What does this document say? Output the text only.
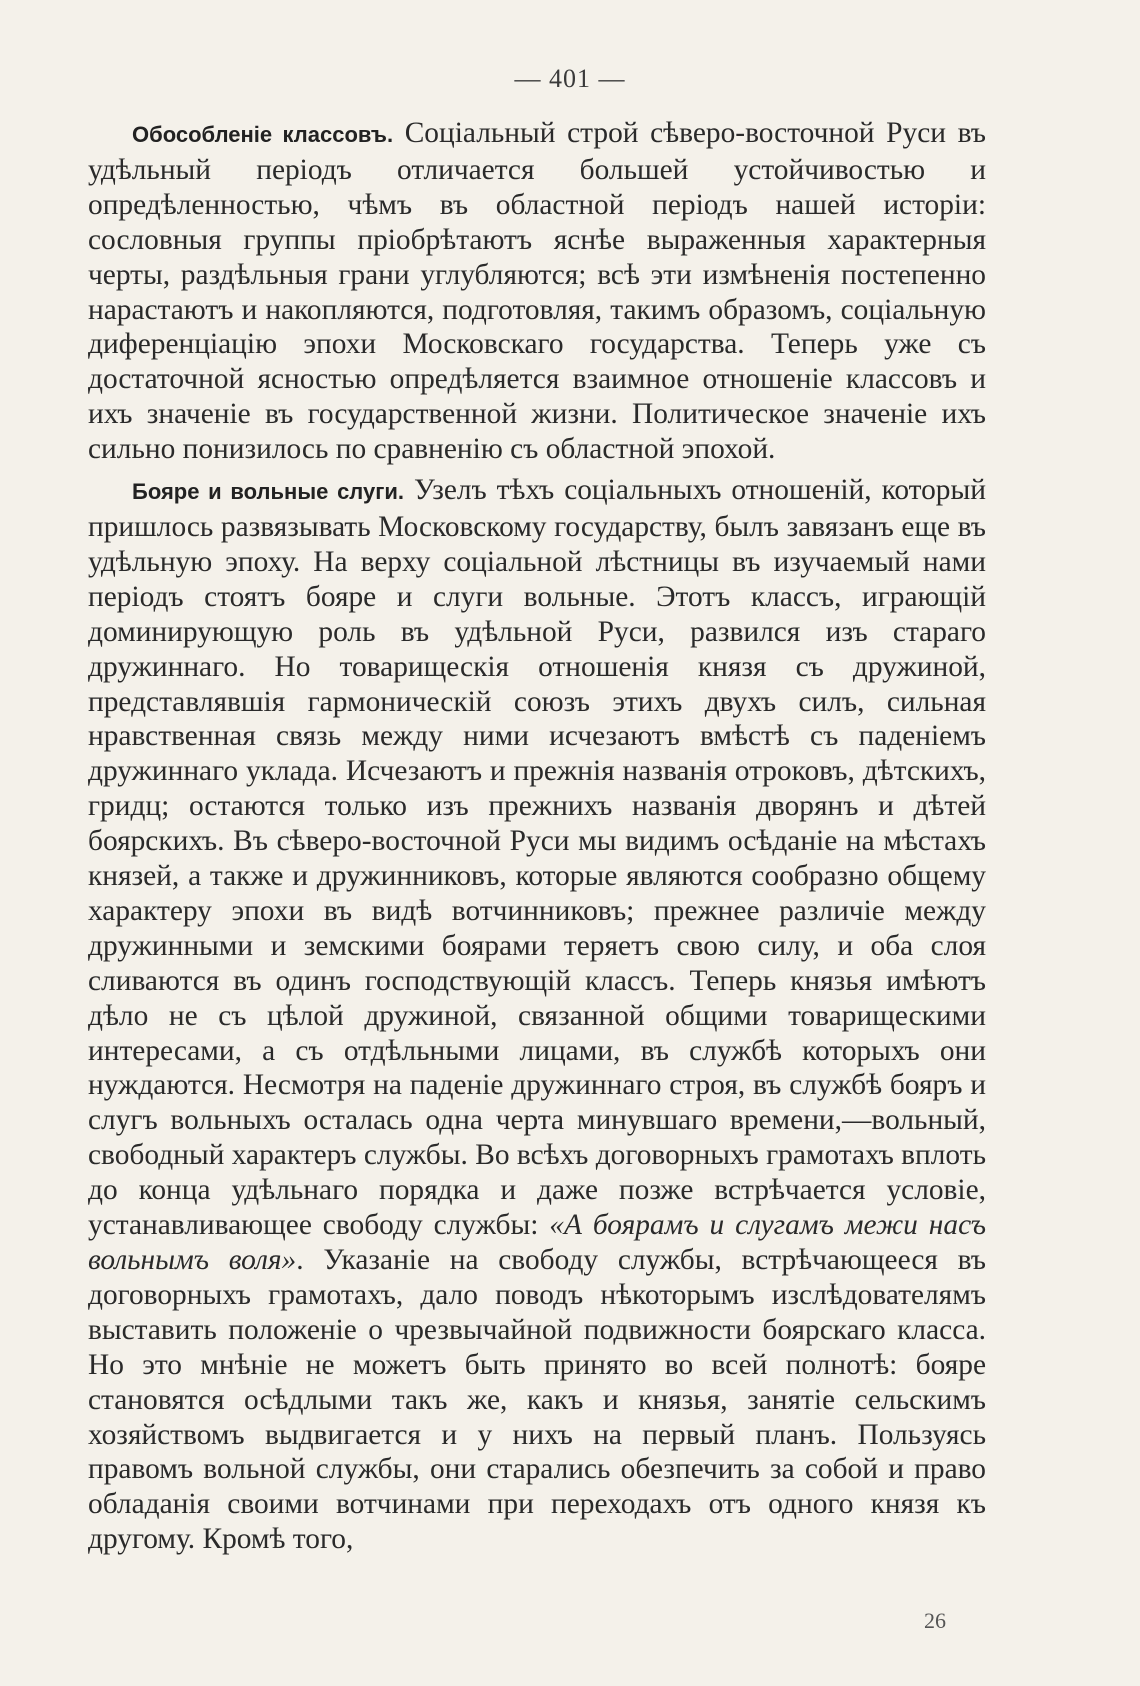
— 401 —

Обособленіе классовъ. Соціальный строй сѣверо-восточной Руси въ удѣльный періодъ отличается большей устойчивостью и опредѣленностью, чѣмъ въ областной періодъ нашей исторіи: сословныя группы пріобрѣтаютъ яснѣе выраженныя характерныя черты, раздѣльныя грани углубляются; всѣ эти измѣненія постепенно нарастаютъ и накопляются, подготовляя, такимъ образомъ, соціальную диференціацію эпохи Московскаго государства. Теперь уже съ достаточной ясностью опредѣляется взаимное отношеніе классовъ и ихъ значеніе въ государственной жизни. Политическое значеніе ихъ сильно понизилось по сравненію съ областной эпохой.

Бояре и вольные слуги. Узелъ тѣхъ соціальныхъ отношеній, который пришлось развязывать Московскому государству, былъ завязанъ еще въ удѣльную эпоху. На верху соціальной лѣстницы въ изучаемый нами періодъ стоятъ бояре и слуги вольные. Этотъ классъ, играющій доминирующую роль въ удѣльной Руси, развился изъ стараго дружиннаго. Но товарищескія отношенія князя съ дружиной, представлявшія гармоническій союзъ этихъ двухъ силъ, сильная нравственная связь между ними исчезаютъ вмѣстѣ съ паденіемъ дружиннаго уклада. Исчезаютъ и прежнія названія отроковъ, дѣтскихъ, гридц; остаются только изъ прежнихъ названія дворянъ и дѣтей боярскихъ. Въ сѣверо-восточной Руси мы видимъ осѣданіе на мѣстахъ князей, а также и дружинниковъ, которые являются сообразно общему характеру эпохи въ видѣ вотчинниковъ; прежнее различіе между дружинными и земскими боярами теряетъ свою силу, и оба слоя сливаются въ одинъ господствующій классъ. Теперь князья имѣютъ дѣло не съ цѣлой дружиной, связанной общими товарищескими интересами, а съ отдѣльными лицами, въ службѣ которыхъ они нуждаются. Несмотря на паденіе дружиннаго строя, въ службѣ бояръ и слугъ вольныхъ осталась одна черта минувшаго времени,—вольный, свободный характеръ службы. Во всѣхъ договорныхъ грамотахъ вплоть до конца удѣльнаго порядка и даже позже встрѣчается условіе, устанавливающее свободу службы: «А боярамъ и слугамъ межи насъ вольнымъ воля». Указаніе на свободу службы, встрѣчающееся въ договорныхъ грамотахъ, дало поводъ нѣкоторымъ изслѣдователямъ выставить положеніе о чрезвычайной подвижности боярскаго класса. Но это мнѣніе не можетъ быть принято во всей полнотѣ: бояре становятся осѣдлыми такъ же, какъ и князья, занятіе сельскимъ хозяйствомъ выдвигается и у нихъ на первый планъ. Пользуясь правомъ вольной службы, они старались обезпечить за собой и право обладанія своими вотчинами при переходахъ отъ одного князя къ другому. Кромѣ того,

26
